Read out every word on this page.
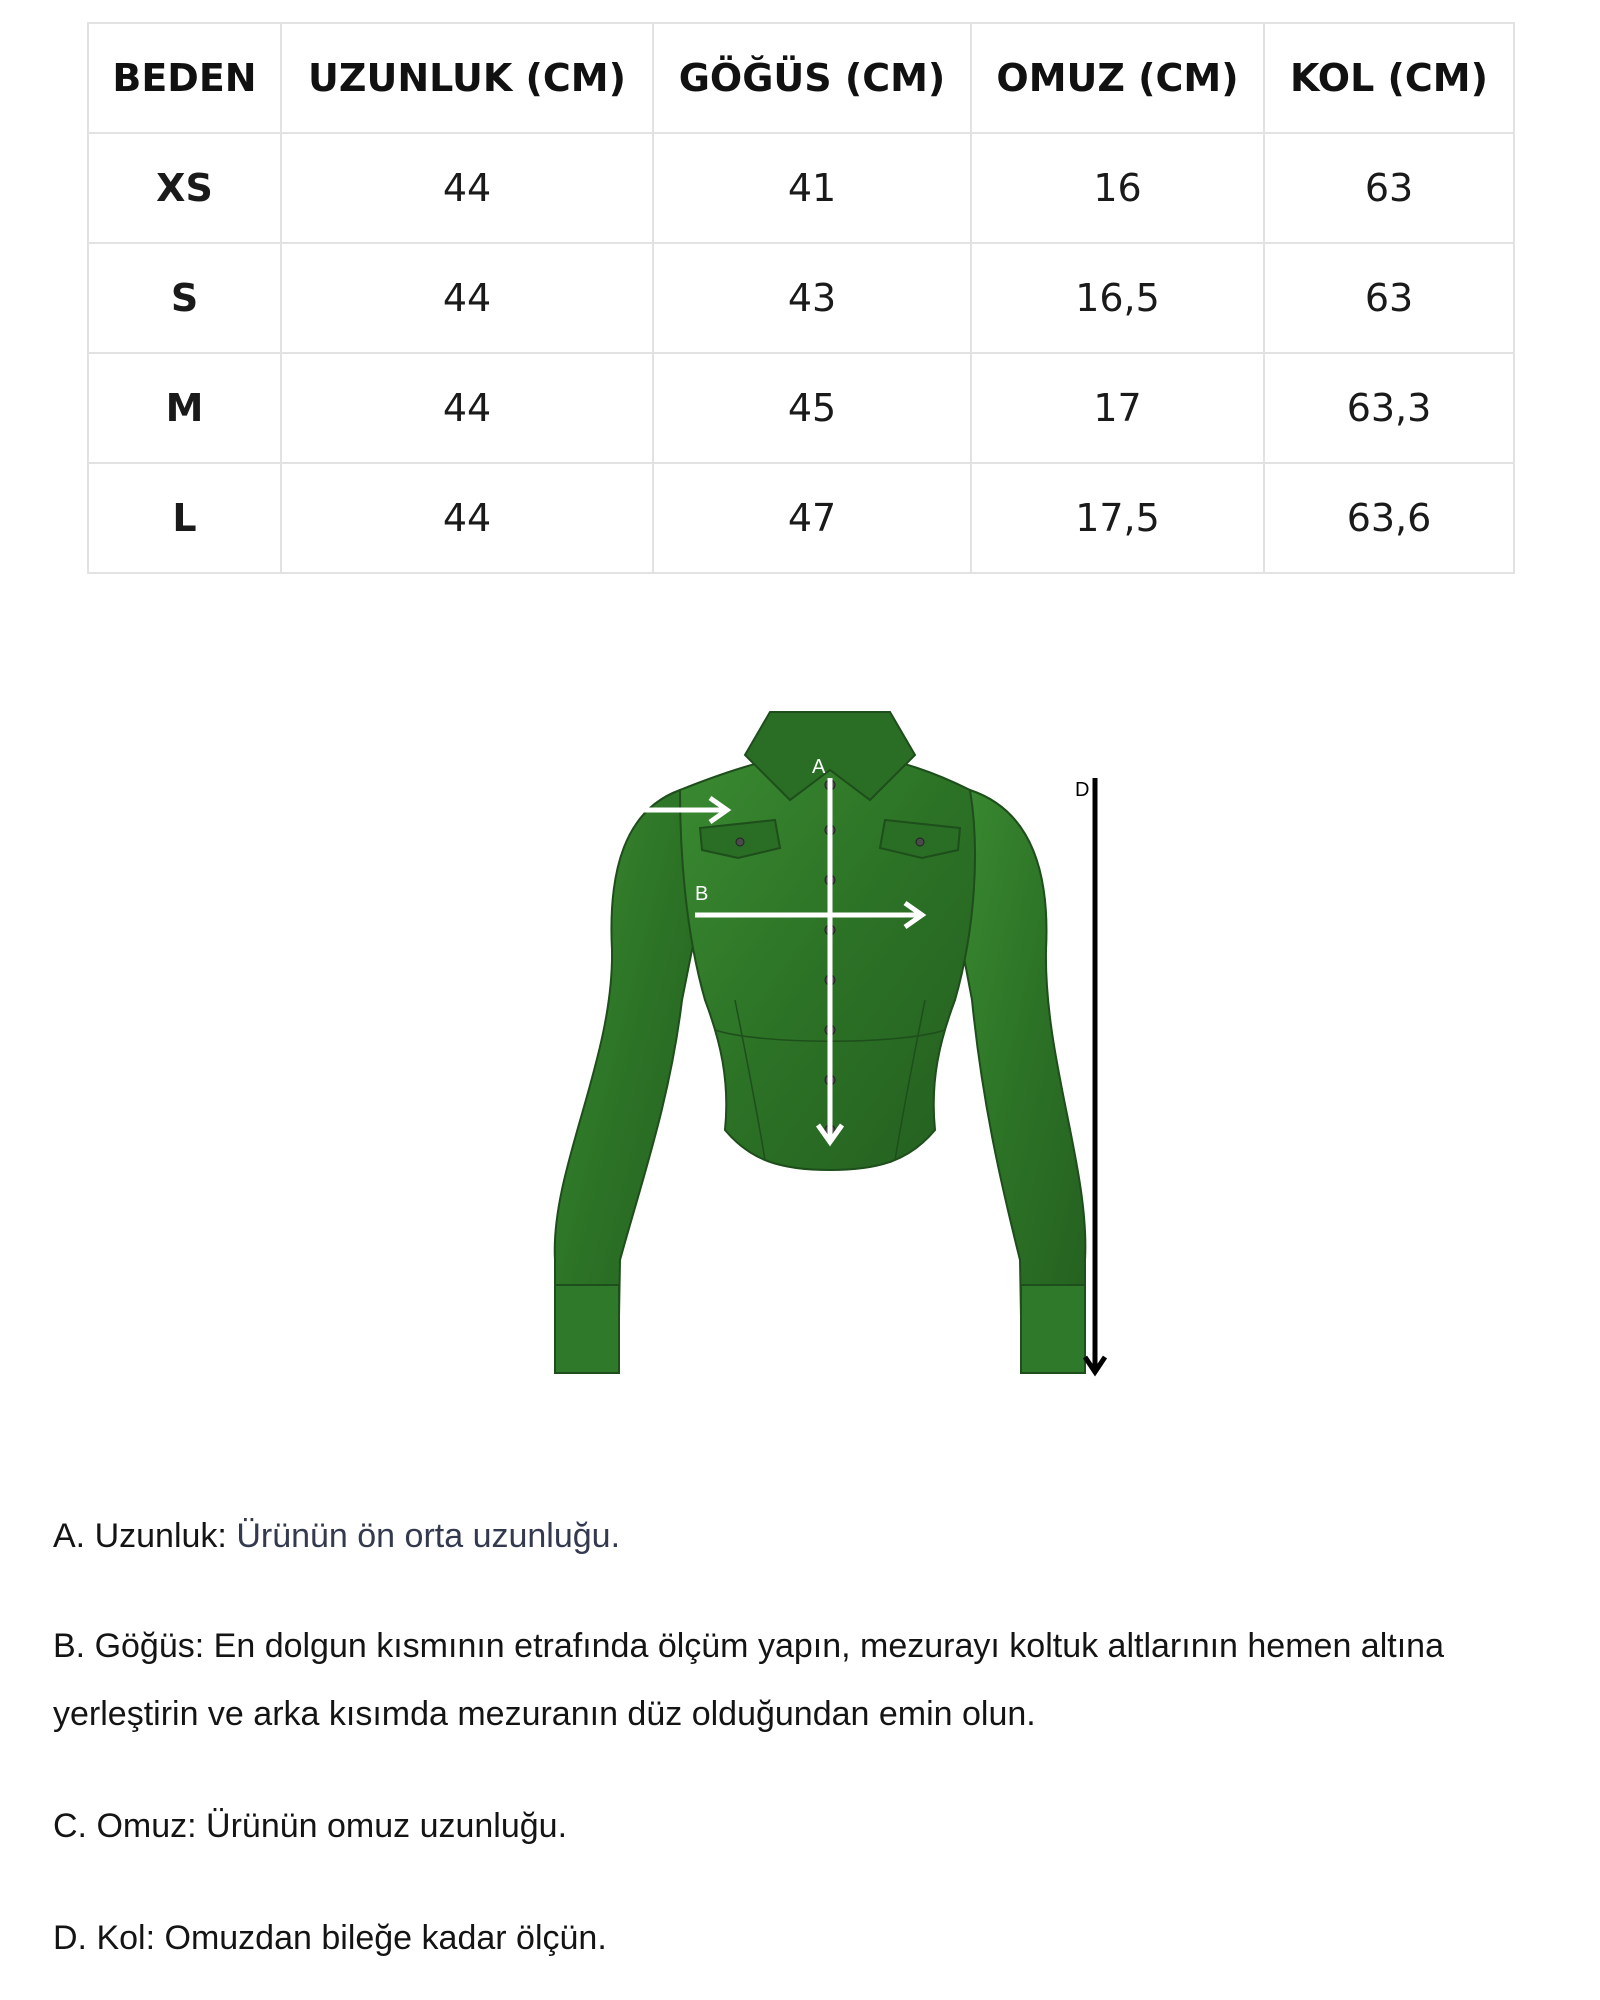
BEDEN	UZUNLUK (CM)	GÖĞÜS (CM)	OMUZ (CM)	KOL (CM)
XS	44	41	16	63
S	44	43	16,5	63
M	44	45	17	63,3
L	44	47	17,5	63,6
A
B
C	D
A. Uzunluk: Ürünün ön orta uzunluğu.
B. Göğüs: En dolgun kısmının etrafında ölçüm yapın, mezurayı koltuk altlarının hemen altına yerleştirin ve arka kısımda mezuranın düz olduğundan emin olun.
C. Omuz: Ürünün omuz uzunluğu.
D. Kol: Omuzdan bileğe kadar ölçün.
